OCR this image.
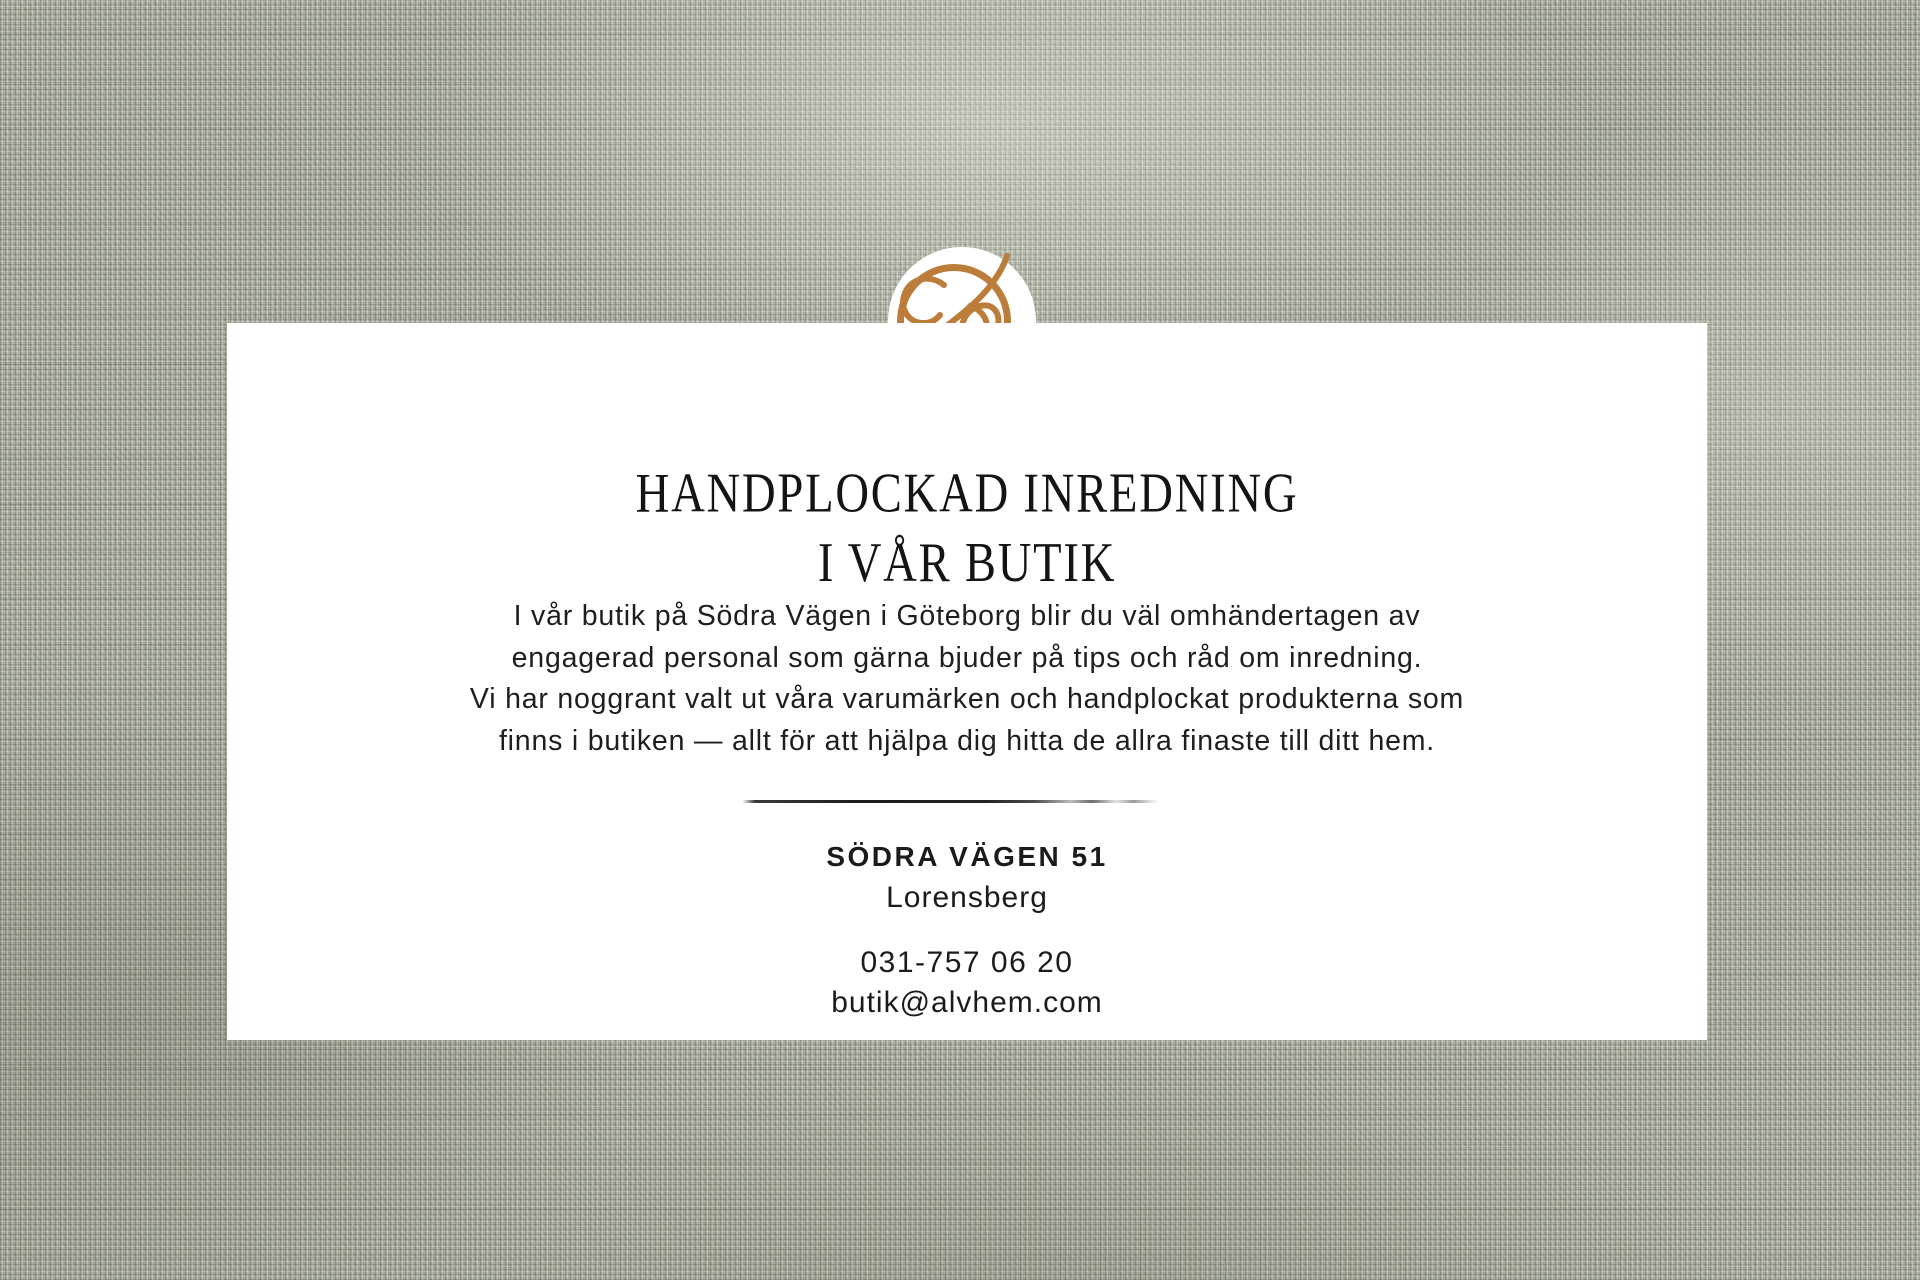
HANDPLOCKAD INREDNING
I VÅR BUTIK
I vår butik på Södra Vägen i Göteborg blir du väl omhändertagen av
engagerad personal som gärna bjuder på tips och råd om inredning.
Vi har noggrant valt ut våra varumärken och handplockat produkterna som
finns i butiken — allt för att hjälpa dig hitta de allra finaste till ditt hem.
SÖDRA VÄGEN 51
Lorensberg
031-757 06 20
butik@alvhem.com
